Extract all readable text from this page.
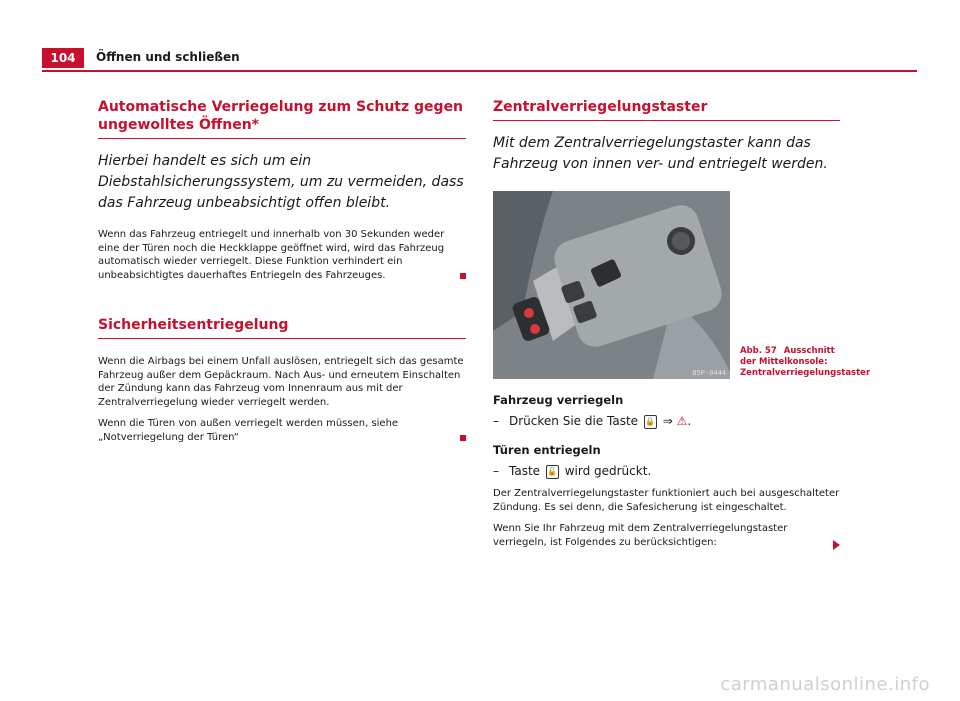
104	Öffnen und schließen
Automatische Verriegelung zum Schutz gegen ungewolltes Öffnen*
Hierbei handelt es sich um ein Diebstahlsicherungssystem, um zu vermeiden, dass das Fahrzeug unbeabsichtigt offen bleibt.

Wenn das Fahrzeug entriegelt und innerhalb von 30 Sekunden weder eine der Türen noch die Heckklappe geöffnet wird, wird das Fahrzeug automatisch wieder verriegelt. Diese Funktion verhindert ein unbeabsichtigtes dauerhaftes Entriegeln des Fahrzeuges.

Sicherheitsentriegelung

Wenn die Airbags bei einem Unfall auslösen, entriegelt sich das gesamte Fahrzeug außer dem Gepäckraum. Nach Aus- und erneutem Einschalten der Zündung kann das Fahrzeug vom Innenraum aus mit der Zentralverriegelung wieder verriegelt werden.

Wenn die Türen von außen verriegelt werden müssen, siehe „Notverriegelung der Türen“

Zentralverriegelungstaster
Mit dem Zentralverriegelungstaster kann das Fahrzeug von innen ver- und entriegelt werden.
B5P-0444
Abb. 57 Ausschnitt der Mittelkonsole: Zentralverriegelungstaster
Fahrzeug verriegeln
– Drücken Sie die Taste 🔒 ⇒ ⚠.
Türen entriegeln
– Taste 🔓 wird gedrückt.

Der Zentralverriegelungstaster funktioniert auch bei ausgeschalteter Zündung. Es sei denn, die Safesicherung ist eingeschaltet.

Wenn Sie Ihr Fahrzeug mit dem Zentralverriegelungstaster verriegeln, ist Folgendes zu berücksichtigen:

carmanualsonline.info
